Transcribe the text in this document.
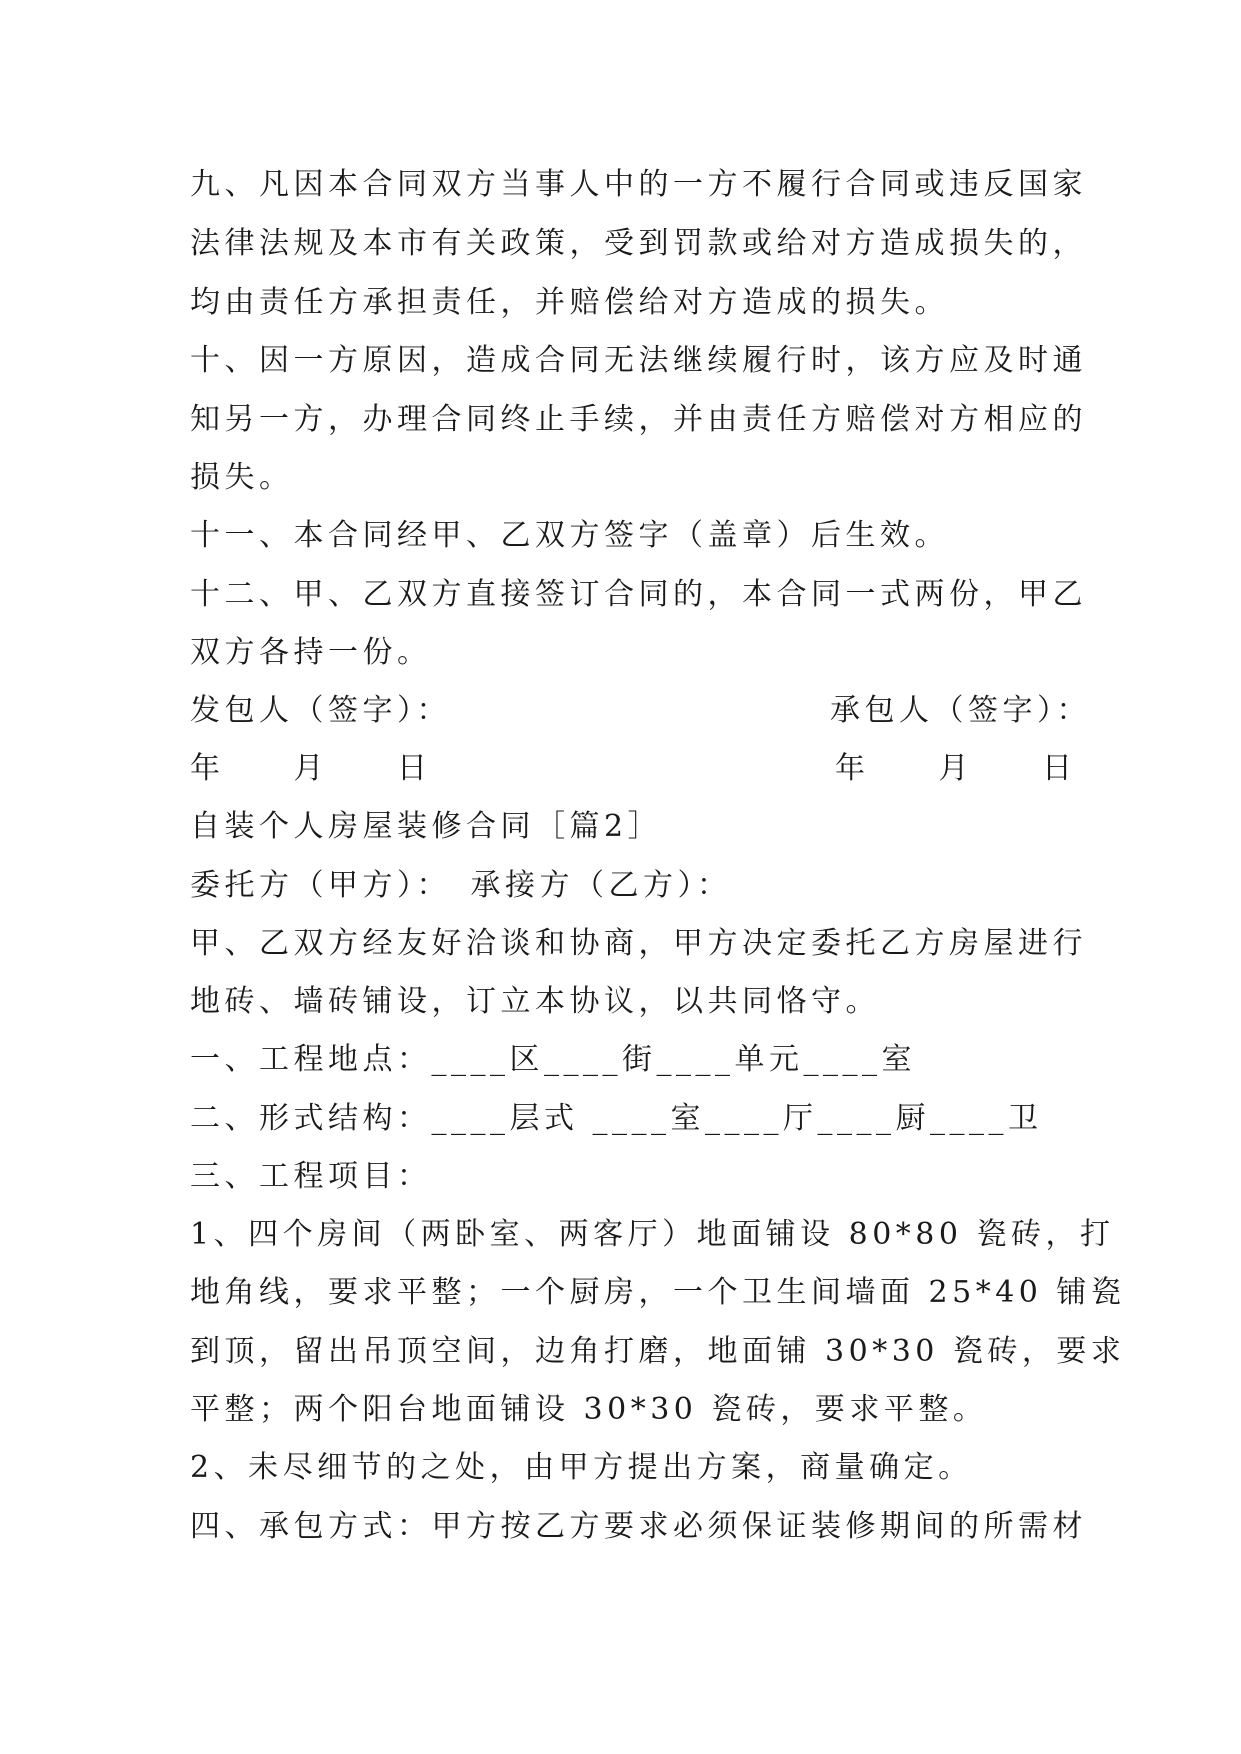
九、凡因本合同双方当事人中的一方不履行合同或违反国家

法律法规及本市有关政策，受到罚款或给对方造成损失的，

均由责任方承担责任，并赔偿给对方造成的损失。

十、因一方原因，造成合同无法继续履行时，该方应及时通

知另一方，办理合同终止手续，并由责任方赔偿对方相应的

损失。

十一、本合同经甲、乙双方签字（盖章）后生效。

十二、甲、乙双方直接签订合同的，本合同一式两份，甲乙

双方各持一份。

发包人（签字）：	承包人（签字）：

年　　月　　日	年　　月　　日

自装个人房屋装修合同［篇2］

委托方（甲方）：　承接方（乙方）：

甲、乙双方经友好洽谈和协商，甲方决定委托乙方房屋进行

地砖、墙砖铺设，订立本协议，以共同恪守。

一、工程地点：____区____街____单元____室

二、形式结构：____层式 ____室____厅____厨____卫

三、工程项目：

1、四个房间（两卧室、两客厅）地面铺设 80*80 瓷砖，打

地角线，要求平整；一个厨房，一个卫生间墙面 25*40 铺瓷

到顶，留出吊顶空间，边角打磨，地面铺 30*30 瓷砖，要求

平整；两个阳台地面铺设 30*30 瓷砖，要求平整。

2、未尽细节的之处，由甲方提出方案，商量确定。

四、承包方式：甲方按乙方要求必须保证装修期间的所需材
